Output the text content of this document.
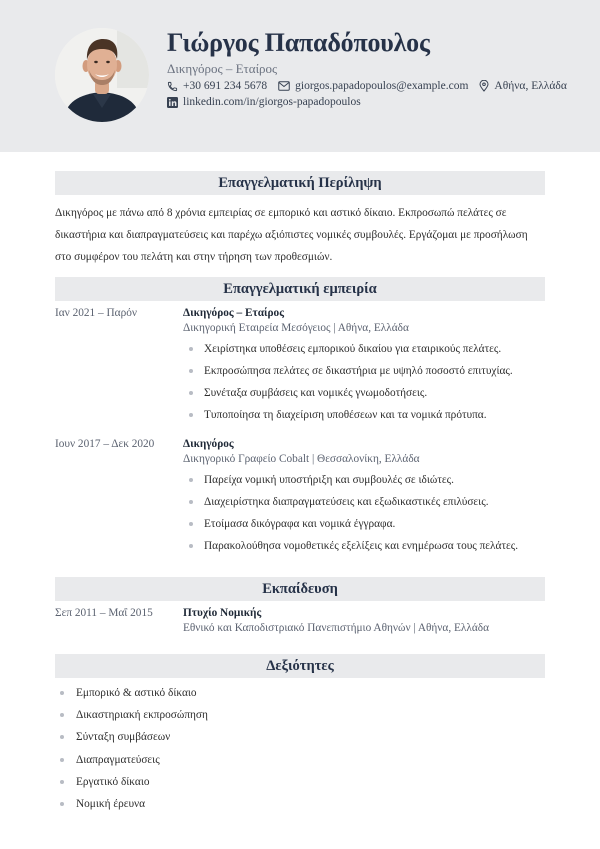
Γιώργος Παπαδόπουλος
Δικηγόρος – Εταίρος
+30 691 234 5678 giorgos.papadopoulos@example.com Αθήνα, Ελλάδα
linkedin.com/in/giorgos-papadopoulos
Επαγγελματική Περίληψη
Δικηγόρος με πάνω από 8 χρόνια εμπειρίας σε εμπορικό και αστικό δίκαιο. Εκπροσωπώ πελάτες σε δικαστήρια και διαπραγματεύσεις και παρέχω αξιόπιστες νομικές συμβουλές. Εργάζομαι με προσήλωση στο συμφέρον του πελάτη και στην τήρηση των προθεσμιών.
Επαγγελματική εμπειρία
Ιαν 2021 – Παρόν	Δικηγόρος – Εταίρος
Δικηγορική Εταιρεία Μεσόγειος | Αθήνα, Ελλάδα
Χειρίστηκα υποθέσεις εμπορικού δικαίου για εταιρικούς πελάτες.
Εκπροσώπησα πελάτες σε δικαστήρια με υψηλό ποσοστό επιτυχίας.
Συνέταξα συμβάσεις και νομικές γνωμοδοτήσεις.
Τυποποίησα τη διαχείριση υποθέσεων και τα νομικά πρότυπα.
Ιουν 2017 – Δεκ 2020	Δικηγόρος
Δικηγορικό Γραφείο Cobalt | Θεσσαλονίκη, Ελλάδα
Παρείχα νομική υποστήριξη και συμβουλές σε ιδιώτες.
Διαχειρίστηκα διαπραγματεύσεις και εξωδικαστικές επιλύσεις.
Ετοίμασα δικόγραφα και νομικά έγγραφα.
Παρακολούθησα νομοθετικές εξελίξεις και ενημέρωσα τους πελάτες.
Εκπαίδευση
Σεπ 2011 – Μαΐ 2015	Πτυχίο Νομικής
Εθνικό και Καποδιστριακό Πανεπιστήμιο Αθηνών | Αθήνα, Ελλάδα
Δεξιότητες
Εμπορικό & αστικό δίκαιο
Δικαστηριακή εκπροσώπηση
Σύνταξη συμβάσεων
Διαπραγματεύσεις
Εργατικό δίκαιο
Νομική έρευνα
